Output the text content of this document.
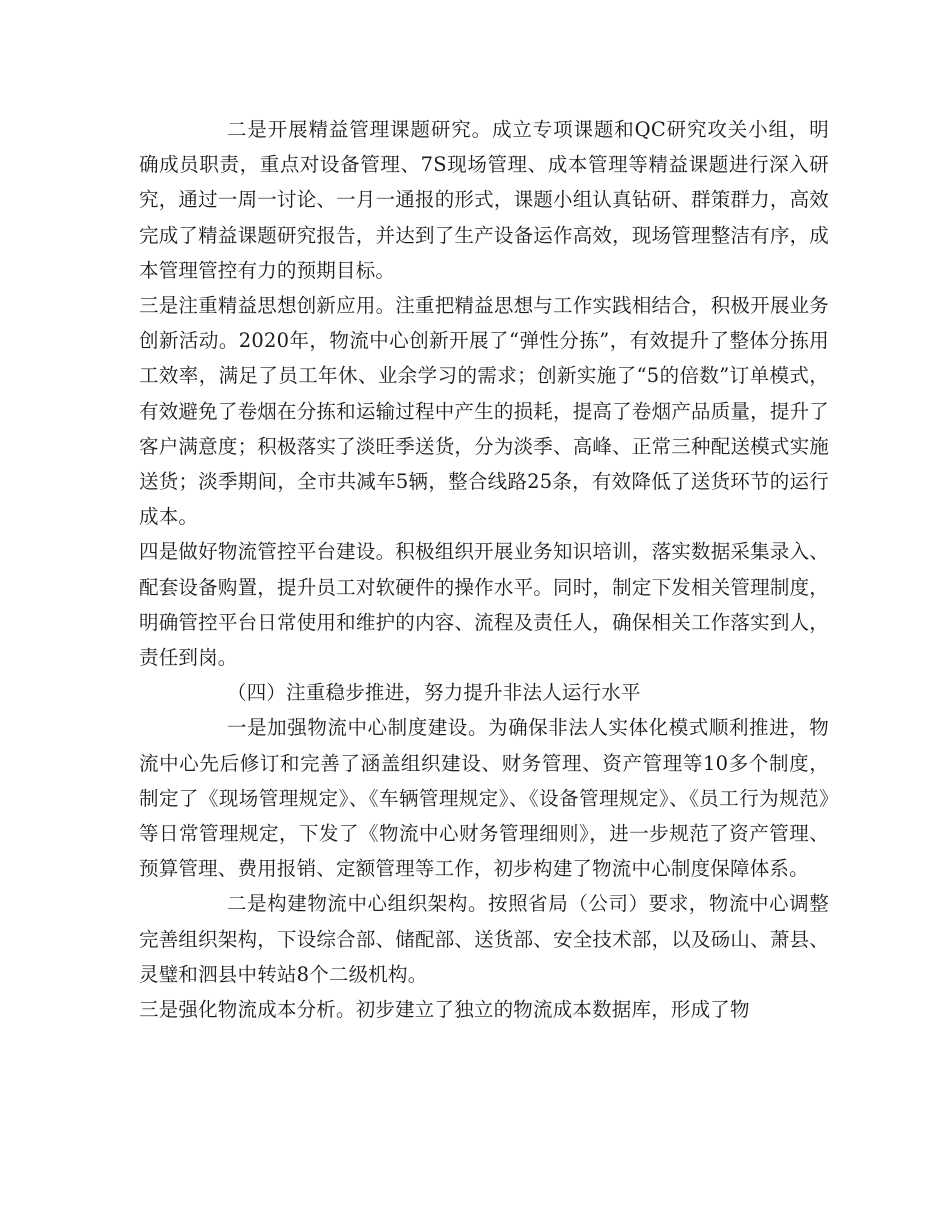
二是开展精益管理课题研究。成立专项课题和QC研究攻关小组，明确成员职责，重点对设备管理、7S现场管理、成本管理等精益课题进行深入研究，通过一周一讨论、一月一通报的形式，课题小组认真钻研、群策群力，高效完成了精益课题研究报告，并达到了生产设备运作高效，现场管理整洁有序，成本管理管控有力的预期目标。

三是注重精益思想创新应用。注重把精益思想与工作实践相结合，积极开展业务创新活动。2020年，物流中心创新开展了“弹性分拣”，有效提升了整体分拣用工效率，满足了员工年休、业余学习的需求；创新实施了“5的倍数”订单模式，有效避免了卷烟在分拣和运输过程中产生的损耗，提高了卷烟产品质量，提升了客户满意度；积极落实了淡旺季送货，分为淡季、高峰、正常三种配送模式实施送货；淡季期间，全市共减车5辆，整合线路25条，有效降低了送货环节的运行成本。

四是做好物流管控平台建设。积极组织开展业务知识培训，落实数据采集录入、配套设备购置，提升员工对软硬件的操作水平。同时，制定下发相关管理制度，明确管控平台日常使用和维护的内容、流程及责任人，确保相关工作落实到人，责任到岗。

（四）注重稳步推进，努力提升非法人运行水平

一是加强物流中心制度建设。为确保非法人实体化模式顺利推进，物流中心先后修订和完善了涵盖组织建设、财务管理、资产管理等10多个制度，制定了《现场管理规定》、《车辆管理规定》、《设备管理规定》、《员工行为规范》等日常管理规定，下发了《物流中心财务管理细则》，进一步规范了资产管理、预算管理、费用报销、定额管理等工作，初步构建了物流中心制度保障体系。

二是构建物流中心组织架构。按照省局（公司）要求，物流中心调整完善组织架构，下设综合部、储配部、送货部、安全技术部，以及砀山、萧县、灵璧和泗县中转站8个二级机构。

三是强化物流成本分析。初步建立了独立的物流成本数据库，形成了物
